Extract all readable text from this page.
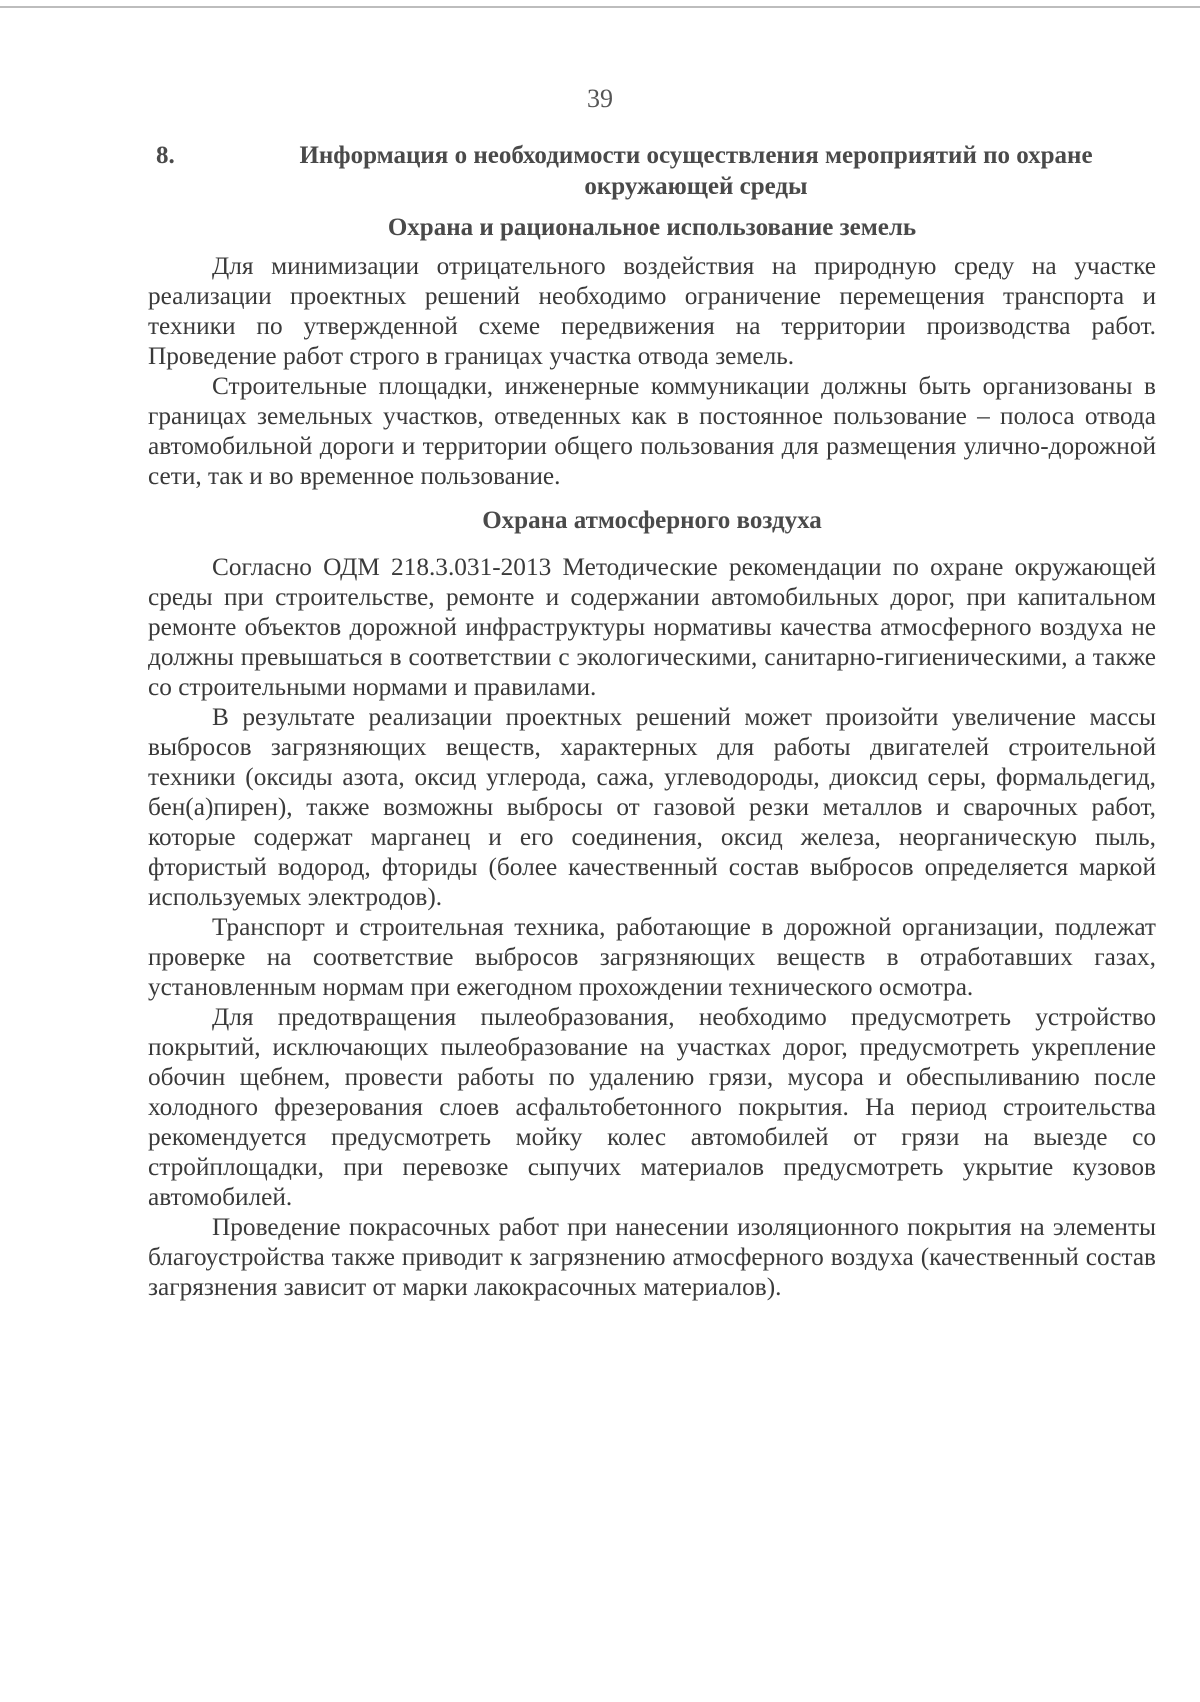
39
8.	Информация о необходимости осуществления мероприятий по охране окружающей среды
Охрана и рациональное использование земель

Для минимизации отрицательного воздействия на природную среду на участке реализации проектных решений необходимо ограничение перемещения транспорта и техники по утвержденной схеме передвижения на территории производства работ. Проведение работ строго в границах участка отвода земель.

Строительные площадки, инженерные коммуникации должны быть организованы в границах земельных участков, отведенных как в постоянное пользование – полоса отвода автомобильной дороги и территории общего пользования для размещения улично-дорожной сети, так и во временное пользование.

Охрана атмосферного воздуха

Согласно ОДМ 218.3.031-2013 Методические рекомендации по охране окружающей среды при строительстве, ремонте и содержании автомобильных дорог, при капитальном ремонте объектов дорожной инфраструктуры нормативы качества атмосферного воздуха не должны превышаться в соответствии с экологическими, санитарно-гигиеническими, а также со строительными нормами и правилами.

В результате реализации проектных решений может произойти увеличение массы выбросов загрязняющих веществ, характерных для работы двигателей строительной техники (оксиды азота, оксид углерода, сажа, углеводороды, диоксид серы, формальдегид, бен(а)пирен), также возможны выбросы от газовой резки металлов и сварочных работ, которые содержат марганец и его соединения, оксид железа, неорганическую пыль, фтористый водород, фториды (более качественный состав выбросов определяется маркой используемых электродов).

Транспорт и строительная техника, работающие в дорожной организации, подлежат проверке на соответствие выбросов загрязняющих веществ в отработавших газах, установленным нормам при ежегодном прохождении технического осмотра.

Для предотвращения пылеобразования, необходимо предусмотреть устройство покрытий, исключающих пылеобразование на участках дорог, предусмотреть укрепление обочин щебнем, провести работы по удалению грязи, мусора и обеспыливанию после холодного фрезерования слоев асфальтобетонного покрытия. На период строительства рекомендуется предусмотреть мойку колес автомобилей от грязи на выезде со стройплощадки, при перевозке сыпучих материалов предусмотреть укрытие кузовов автомобилей.

Проведение покрасочных работ при нанесении изоляционного покрытия на элементы благоустройства также приводит к загрязнению атмосферного воздуха (качественный состав загрязнения зависит от марки лакокрасочных материалов).
